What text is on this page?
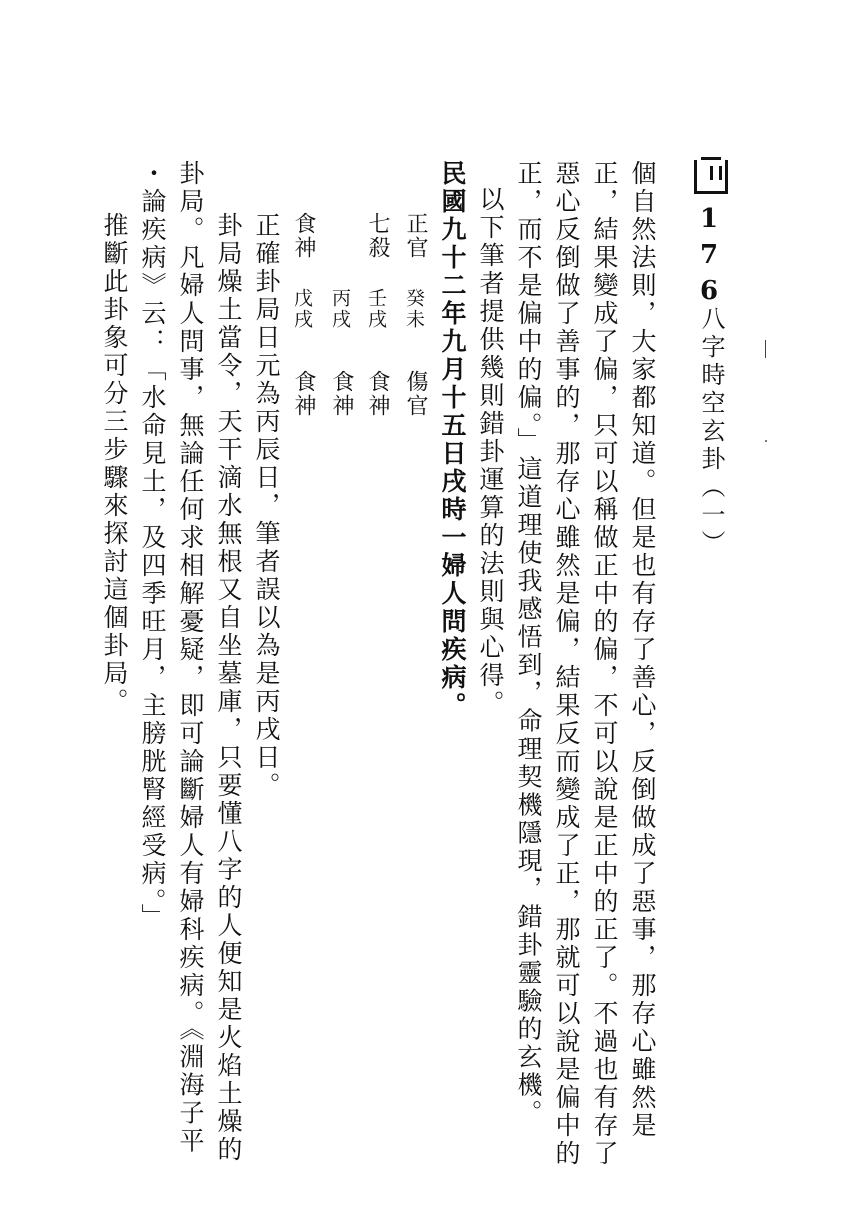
176
八字時空玄卦（一）
個自然法則，大家都知道。但是也有存了善心，反倒做成了惡事，那存心雖然是
正，結果變成了偏，只可以稱做正中的偏，不可以說是正中的正了。不過也有存了
惡心反倒做了善事的，那存心雖然是偏，結果反而變成了正，那就可以說是偏中的
正，而不是偏中的偏。」這道理使我感悟到，命理契機隱現，錯卦靈驗的玄機。
以下筆者提供幾則錯卦運算的法則與心得。
民國九十二年九月十五日戌時一婦人問疾病。
正官
癸未
傷官
七殺
壬戌
食神
丙戌
食神
食神
戊戌
食神
正確卦局日元為丙辰日，筆者誤以為是丙戌日。
卦局燥土當令，天干滴水無根又自坐墓庫，只要懂八字的人便知是火焰土燥的
卦局。凡婦人問事，無論任何求相解憂疑，即可論斷婦人有婦科疾病。《淵海子平
・論疾病》云：「水命見土，及四季旺月，主膀胱腎經受病。」
推斷此卦象可分三步驟來探討這個卦局。
